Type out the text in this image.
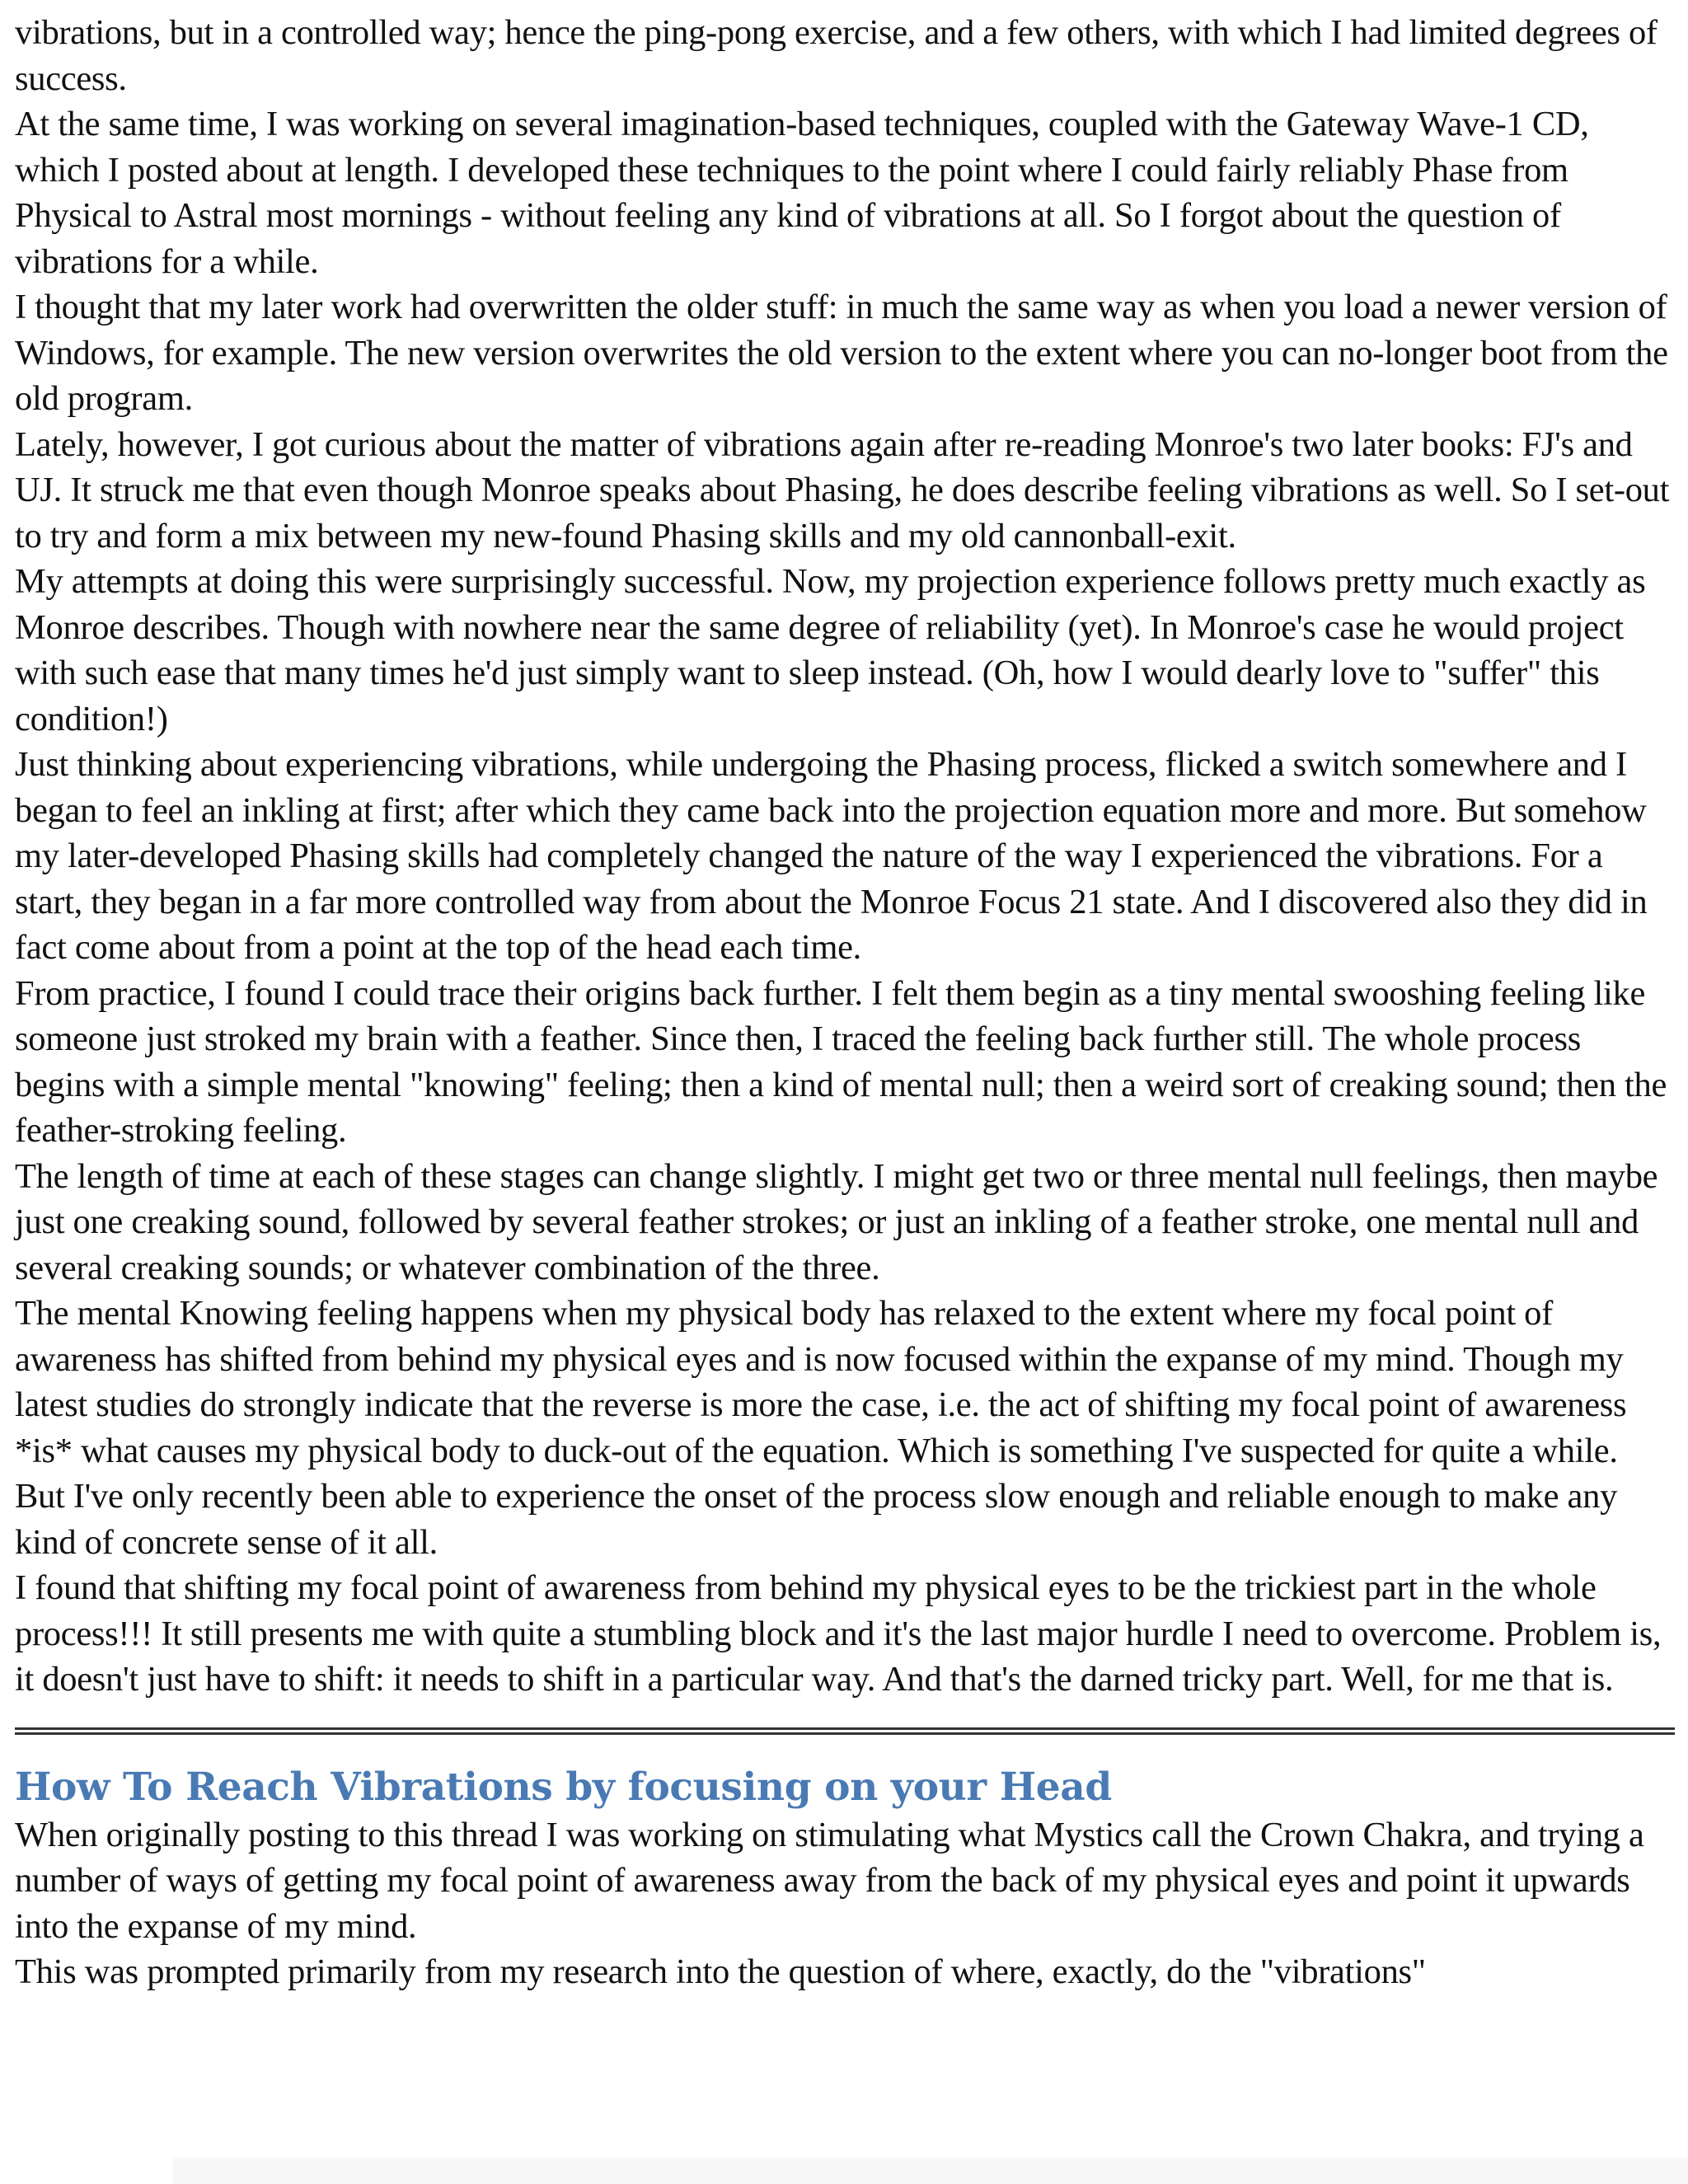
vibrations, but in a controlled way; hence the ping-pong exercise, and a few others, with which I had limited degrees of success.

At the same time, I was working on several imagination-based techniques, coupled with the Gateway Wave-1 CD, which I posted about at length. I developed these techniques to the point where I could fairly reliably Phase from Physical to Astral most mornings - without feeling any kind of vibrations at all. So I forgot about the question of vibrations for a while.

I thought that my later work had overwritten the older stuff: in much the same way as when you load a newer version of Windows, for example. The new version overwrites the old version to the extent where you can no-longer boot from the old program.

Lately, however, I got curious about the matter of vibrations again after re-reading Monroe's two later books: FJ's and UJ. It struck me that even though Monroe speaks about Phasing, he does describe feeling vibrations as well. So I set-out to try and form a mix between my new-found Phasing skills and my old cannonball-exit.

My attempts at doing this were surprisingly successful. Now, my projection experience follows pretty much exactly as Monroe describes. Though with nowhere near the same degree of reliability (yet). In Monroe's case he would project with such ease that many times he'd just simply want to sleep instead. (Oh, how I would dearly love to "suffer" this condition!)

Just thinking about experiencing vibrations, while undergoing the Phasing process, flicked a switch somewhere and I began to feel an inkling at first; after which they came back into the projection equation more and more. But somehow my later-developed Phasing skills had completely changed the nature of the way I experienced the vibrations. For a start, they began in a far more controlled way from about the Monroe Focus 21 state. And I discovered also they did in fact come about from a point at the top of the head each time.

From practice, I found I could trace their origins back further. I felt them begin as a tiny mental swooshing feeling like someone just stroked my brain with a feather. Since then, I traced the feeling back further still. The whole process begins with a simple mental "knowing" feeling; then a kind of mental null; then a weird sort of creaking sound; then the feather-stroking feeling.

The length of time at each of these stages can change slightly. I might get two or three mental null feelings, then maybe just one creaking sound, followed by several feather strokes; or just an inkling of a feather stroke, one mental null and several creaking sounds; or whatever combination of the three.

The mental Knowing feeling happens when my physical body has relaxed to the extent where my focal point of awareness has shifted from behind my physical eyes and is now focused within the expanse of my mind. Though my latest studies do strongly indicate that the reverse is more the case, i.e. the act of shifting my focal point of awareness *is* what causes my physical body to duck-out of the equation. Which is something I've suspected for quite a while. But I've only recently been able to experience the onset of the process slow enough and reliable enough to make any kind of concrete sense of it all.

I found that shifting my focal point of awareness from behind my physical eyes to be the trickiest part in the whole process!!! It still presents me with quite a stumbling block and it's the last major hurdle I need to overcome. Problem is, it doesn't just have to shift: it needs to shift in a particular way. And that's the darned tricky part. Well, for me that is.

How To Reach Vibrations by focusing on your Head

When originally posting to this thread I was working on stimulating what Mystics call the Crown Chakra, and trying a number of ways of getting my focal point of awareness away from the back of my physical eyes and point it upwards into the expanse of my mind.

This was prompted primarily from my research into the question of where, exactly, do the "vibrations"
